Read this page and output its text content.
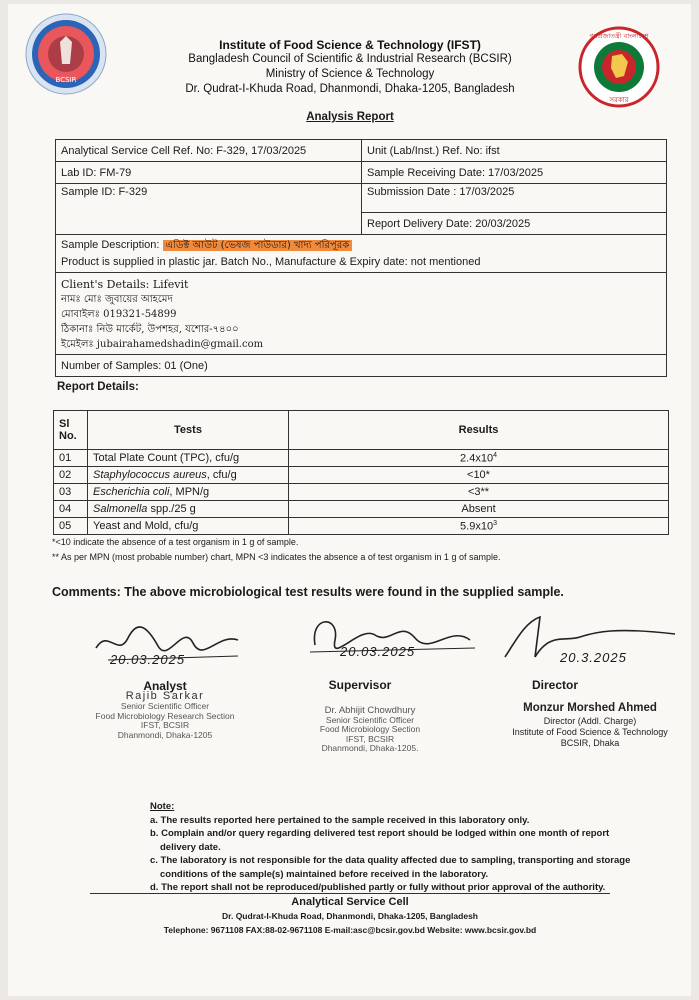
BCSIR
গণপ্রজাতন্ত্রী বাংলাদেশ
সরকার
Institute of Food Science & Technology (IFST)
Bangladesh Council of Scientific & Industrial Research (BCSIR)
Ministry of Science & Technology
Dr. Qudrat-I-Khuda Road, Dhanmondi, Dhaka-1205, Bangladesh
Analysis Report
Analytical Service Cell Ref. No: F-329, 17/03/2025	Unit (Lab/Inst.) Ref. No: ifst
Lab ID: FM-79	Sample Receiving Date: 17/03/2025
Sample ID: F-329	Submission Date : 17/03/2025
	Report Delivery Date: 20/03/2025
Sample Description: এডিক্ট আউট (ভেষজ পাউডার) খাদ্য পরিপূরক
Product is supplied in plastic jar. Batch No., Manufacture & Expiry date: not mentioned	

Client's Details: Lifevit
নামঃ মোঃ জুবায়ের আহমেদ
মোবাইলঃ 019321-54899
ঠিকানাঃ নিউ মার্কেট, উপশহর, যশোর-৭৪০০
ইমেইলঃ jubairahamedshadin@gmail.com	

Number of Samples: 01 (One)	
Report Details:
Sl
No.	Tests	Results
01	Total Plate Count (TPC), cfu/g	$2.4x10^4$
02	Staphylococcus aureus, cfu/g	<10*
03	Escherichia coli, MPN/g	<3**
04	Salmonella spp./25 g	Absent
05	Yeast and Mold, cfu/g	$5.9x10^3$
*<10 indicate the absence of a test organism in 1 g of sample.
** As per MPN (most probable number) chart, MPN <3 indicates the absence a of test organism in 1 g of sample.
Comments: The above microbiological test results were found in the supplied sample.
20.03.2025
20.03.2025	20.3.2025
Analyst
Rajib Sarkar
Senior Scientific Officer
Food Microbiology Research Section
IFST, BCSIR
Dhanmondi, Dhaka-1205
Supervisor
Dr. Abhijit Chowdhury
Senior Scientific Officer
Food Microbiology Section
IFST, BCSIR
Dhanmondi, Dhaka-1205.
Director
Monzur Morshed Ahmed
Director (Addl. Charge)
Institute of Food Science & Technology
BCSIR, Dhaka
Note:
a. The results reported here pertained to the sample received in this laboratory only.
b. Complain and/or query regarding delivered test report should be lodged within one month of report
delivery date.
c. The laboratory is not responsible for the data quality affected due to sampling, transporting and storage
conditions of the sample(s) maintained before received in the laboratory.
d. The report shall not be reproduced/published partly or fully without prior approval of the authority.
Analytical Service Cell
Dr. Qudrat-I-Khuda Road, Dhanmondi, Dhaka-1205, Bangladesh
Telephone: 9671108 FAX:88-02-9671108 E-mail:asc@bcsir.gov.bd Website: www.bcsir.gov.bd
